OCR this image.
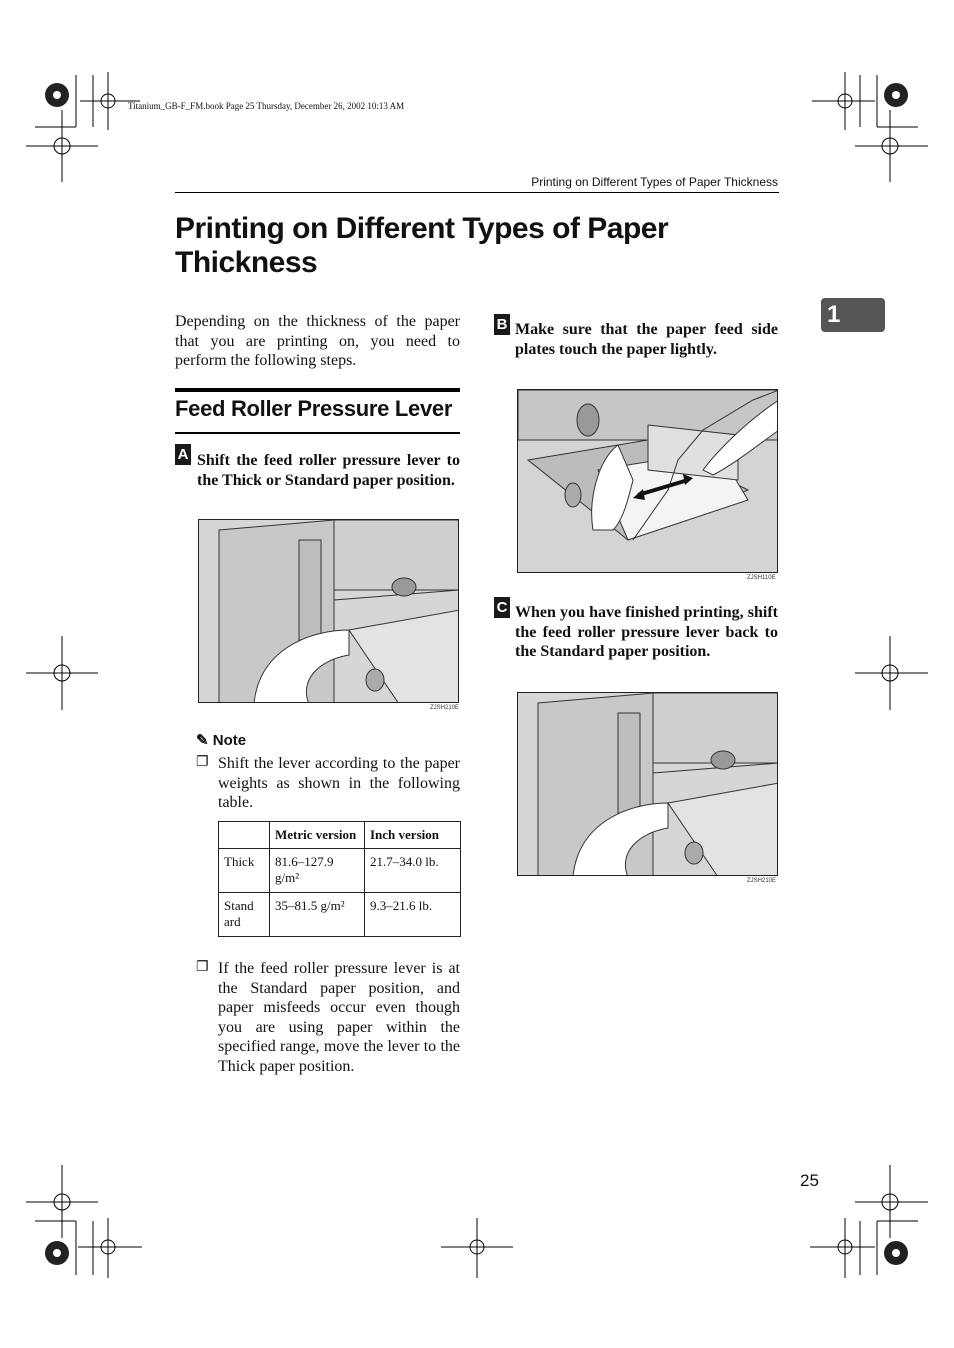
Titanium_GB-F_FM.book Page 25 Thursday, December 26, 2002 10:13 AM
Printing on Different Types of Paper Thickness
Printing on Different Types of Paper
Thickness
1
Depending on the thickness of the paper that you are printing on, you need to perform the following steps.
Feed Roller Pressure Lever
A Shift the feed roller pressure lever to the Thick or Standard paper position.
ZJSH210E
✎ Note
❐ Shift the lever according to the paper weights as shown in the following table.
	Metric version	Inch version
Thick	81.6–127.9 g/m²	21.7–34.0 lb.
Stand ard	35–81.5 g/m²	9.3–21.6 lb.
❐ If the feed roller pressure lever is at the Standard paper position, and paper misfeeds occur even though you are using paper within the specified range, move the lever to the Thick paper position.
B Make sure that the paper feed side plates touch the paper lightly.
ZJSH110E
C When you have finished printing, shift the feed roller pressure lever back to the Standard paper position.
ZJSH210E
25
